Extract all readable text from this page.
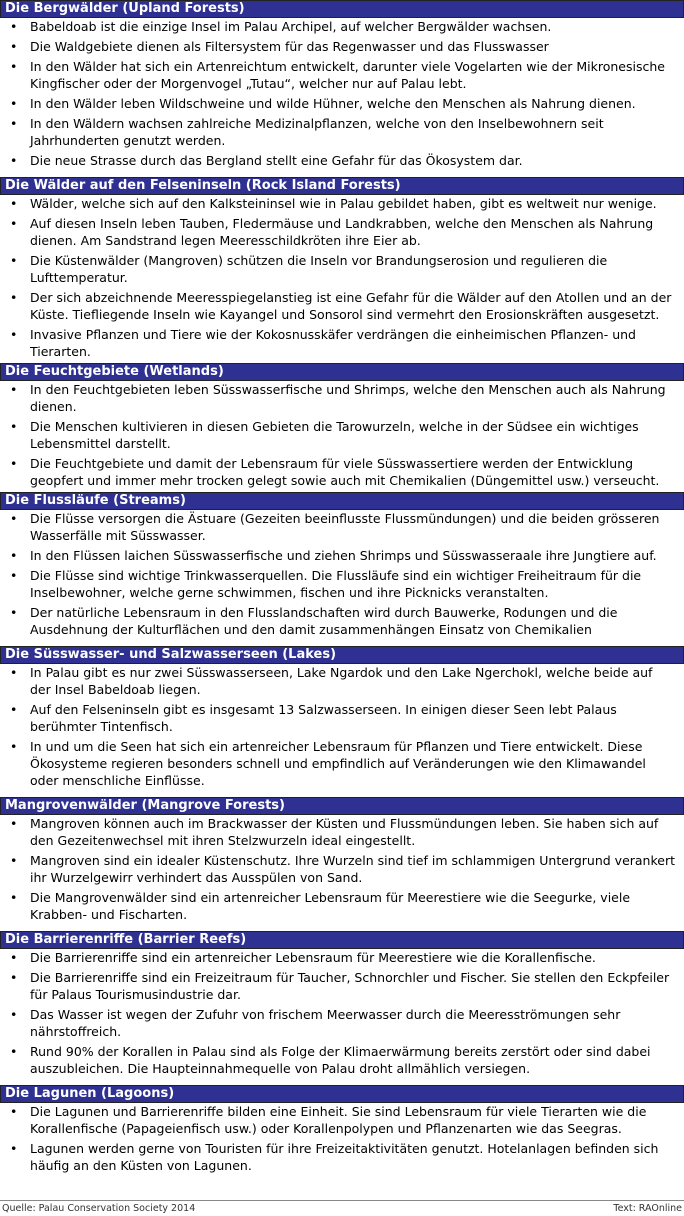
Die Bergwälder (Upland Forests)
• Babeldoab ist die einzige Insel im Palau Archipel, auf welcher Bergwälder wachsen.
• Die Waldgebiete dienen als Filtersystem für das Regenwasser und das Flusswasser
• In den Wälder hat sich ein Artenreichtum entwickelt, darunter viele Vogelarten wie der Mikronesische Kingfischer oder der Morgenvogel „Tutau“, welcher nur auf Palau lebt.
• In den Wälder leben Wildschweine und wilde Hühner, welche den Menschen als Nahrung dienen.
• In den Wäldern wachsen zahlreiche Medizinalpflanzen, welche von den Inselbewohnern seit Jahrhunderten genutzt werden.
• Die neue Strasse durch das Bergland stellt eine Gefahr für das Ökosystem dar.
Die Wälder auf den Felseninseln (Rock Island Forests)
• Wälder, welche sich auf den Kalksteininsel wie in Palau gebildet haben, gibt es weltweit nur wenige.
• Auf diesen Inseln leben Tauben, Fledermäuse und Landkrabben, welche den Menschen als Nahrung dienen. Am Sandstrand legen Meeresschildkröten ihre Eier ab.
• Die Küstenwälder (Mangroven) schützen die Inseln vor Brandungserosion und regulieren die Lufttemperatur.
• Der sich abzeichnende Meeresspiegelanstieg ist eine Gefahr für die Wälder auf den Atollen und an der Küste. Tiefliegende Inseln wie Kayangel und Sonsorol sind vermehrt den Erosionskräften ausgesetzt.
• Invasive Pflanzen und Tiere wie der Kokosnusskäfer verdrängen die einheimischen Pflanzen- und Tierarten.
Die Feuchtgebiete (Wetlands)
• In den Feuchtgebieten leben Süsswasserfische und Shrimps, welche den Menschen auch als Nahrung dienen.
• Die Menschen kultivieren in diesen Gebieten die Tarowurzeln, welche in der Südsee ein wichtiges Lebensmittel darstellt.
• Die Feuchtgebiete und damit der Lebensraum für viele Süsswassertiere werden der Entwicklung geopfert und immer mehr trocken gelegt sowie auch mit Chemikalien (Düngemittel usw.) verseucht.
Die Flussläufe (Streams)
• Die Flüsse versorgen die Ästuare (Gezeiten beeinflusste Flussmündungen) und die beiden grösseren Wasserfälle mit Süsswasser.
• In den Flüssen laichen Süsswasserfische und ziehen Shrimps und Süsswasseraale ihre Jungtiere auf.
• Die Flüsse sind wichtige Trinkwasserquellen. Die Flussläufe sind ein wichtiger Freiheitraum für die Inselbewohner, welche gerne schwimmen, fischen und ihre Picknicks veranstalten.
• Der natürliche Lebensraum in den Flusslandschaften wird durch Bauwerke, Rodungen und die Ausdehnung der Kulturflächen und den damit zusammenhängen Einsatz von Chemikalien
Die Süsswasser- und Salzwasserseen (Lakes)
• In Palau gibt es nur zwei Süsswasserseen, Lake Ngardok und den Lake Ngerchokl, welche beide auf der Insel Babeldoab liegen.
• Auf den Felseninseln gibt es insgesamt 13 Salzwasserseen. In einigen dieser Seen lebt Palaus berühmter Tintenfisch.
• In und um die Seen hat sich ein artenreicher Lebensraum für Pflanzen und Tiere entwickelt. Diese Ökosysteme regieren besonders schnell und empfindlich auf Veränderungen wie den Klimawandel oder menschliche Einflüsse.
Mangrovenwälder (Mangrove Forests)
• Mangroven können auch im Brackwasser der Küsten und Flussmündungen leben. Sie haben sich auf den Gezeitenwechsel mit ihren Stelzwurzeln ideal eingestellt.
• Mangroven sind ein idealer Küstenschutz. Ihre Wurzeln sind tief im schlammigen Untergrund verankert ihr Wurzelgewirr verhindert das Ausspülen von Sand.
• Die Mangrovenwälder sind ein artenreicher Lebensraum für Meerestiere wie die Seegurke, viele Krabben- und Fischarten.
Die Barrierenriffe (Barrier Reefs)
• Die Barrierenriffe sind ein artenreicher Lebensraum für Meerestiere wie die Korallenfische.
• Die Barrierenriffe sind ein Freizeitraum für Taucher, Schnorchler und Fischer. Sie stellen den Eckpfeiler für Palaus Tourismusindustrie dar.
• Das Wasser ist wegen der Zufuhr von frischem Meerwasser durch die Meeresströmungen sehr nährstoffreich.
• Rund 90% der Korallen in Palau sind als Folge der Klimaerwärmung bereits zerstört oder sind dabei auszubleichen. Die Haupteinnahmequelle von Palau droht allmählich versiegen.
Die Lagunen (Lagoons)
• Die Lagunen und Barrierenriffe bilden eine Einheit. Sie sind Lebensraum für viele Tierarten wie die Korallenfische (Papageienfisch usw.) oder Korallenpolypen und Pflanzenarten wie das Seegras.
• Lagunen werden gerne von Touristen für ihre Freizeitaktivitäten genutzt. Hotelanlagen befinden sich häufig an den Küsten von Lagunen.
Quelle: Palau Conservation Society 2014	Text: RAOnline
